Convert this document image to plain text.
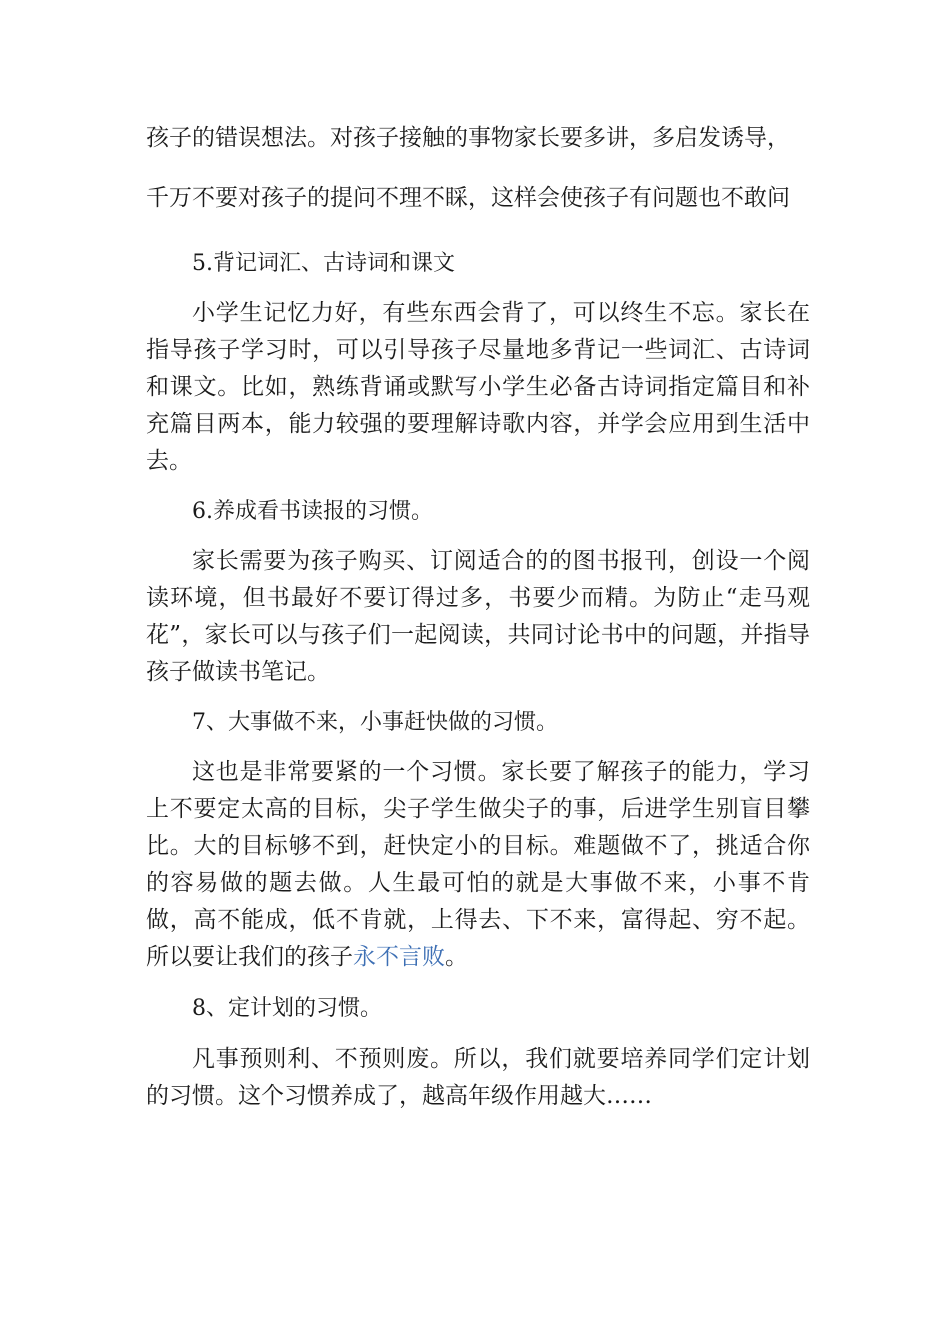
孩子的错误想法。对孩子接触的事物家长要多讲，多启发诱导，

千万不要对孩子的提问不理不睬，这样会使孩子有问题也不敢问

5.背记词汇、古诗词和课文

小学生记忆力好，有些东西会背了，可以终生不忘。家长在指导孩子学习时，可以引导孩子尽量地多背记一些词汇、古诗词和课文。比如，熟练背诵或默写小学生必备古诗词指定篇目和补充篇目两本，能力较强的要理解诗歌内容，并学会应用到生活中去。

6.养成看书读报的习惯。

家长需要为孩子购买、订阅适合的的图书报刊，创设一个阅读环境，但书最好不要订得过多，书要少而精。为防止“走马观花”，家长可以与孩子们一起阅读，共同讨论书中的问题，并指导孩子做读书笔记。

7、大事做不来，小事赶快做的习惯。

这也是非常要紧的一个习惯。家长要了解孩子的能力，学习上不要定太高的目标，尖子学生做尖子的事，后进学生别盲目攀比。大的目标够不到，赶快定小的目标。难题做不了，挑适合你的容易做的题去做。人生最可怕的就是大事做不来，小事不肯做，高不能成，低不肯就，上得去、下不来，富得起、穷不起。所以要让我们的孩子永不言败。

8、定计划的习惯。

凡事预则利、不预则废。所以，我们就要培养同学们定计划的习惯。这个习惯养成了，越高年级作用越大……
